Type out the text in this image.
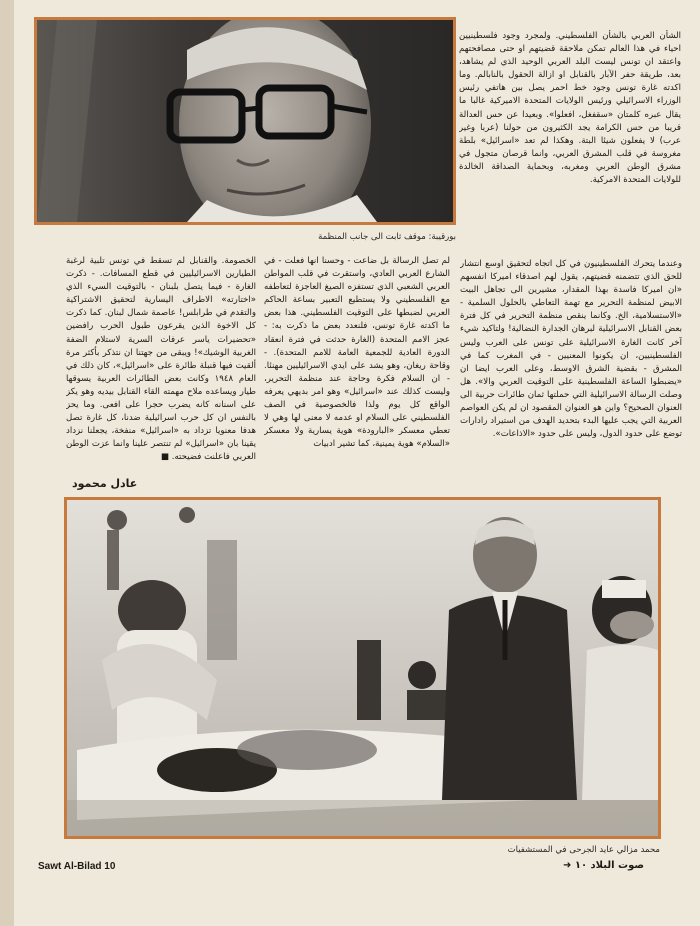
بورقيبة: موقف ثابت الى جانب المنظمة

الشأن العربي بالشأن الفلسطيني. ولمجرد وجود فلسطينيين احياء في هذا العالم تمكن ملاحقة قضيتهم او حتى مصافحتهم واعتقد ان تونس ليست البلد العربي الوحيد الذي لم يشاهد، بعد، طريقة حفر الآبار بالقنابل او ازالة الحقول بالنابالم. وما اكدته غارة تونس وجود خط احمر يصل بين هاتفي رئيس الوزراء الاسرائيلي ورئيس الولايات المتحدة الاميركية غالبا ما يقال عبره كلمتان «سقفغل، افعلوا». وبعيدا عن حس العدالة قريبا من حس الكرامة يجد الكثيرون من حولنا (عربا وغير عرب) لا يفعلون شيئا البتة. وهكذا لم تعد «اسرائيل» بلطة مغروسة في قلب المشرق العربي، وانما قرصان متجول في مشرق الوطن العربي ومغربه، وبحماية الصداقة الخالدة للولايات المتحدة الامركية.

وعندما يتحرك الفلسطينيون في كل اتجاه لتحقيق اوسع انتشار للحق الذي تتضمنه قضيتهم، يقول لهم اصدقاء اميركا انفسهم «ان اميركا فاسدة بهذا المقدار، مشيرين الى تجاهل البيت الابيض لمنظمة التحرير مع تهمة التعاطي بالحلول السلمية - «الاستسلامية، الخ. وكانما ينقص منظمة التحرير في كل فترة بعض القنابل الاسرائيلية لبرهان الجدارة النضالية! ولتاكيد شيء آخر كانت الغارة الاسرائيلية على تونس على العرب وليس الفلسطينيين، ان يكونوا المعنيين - في المغرب كما في المشرق - بقضية الشرق الاوسط، وعلى العرب ايضا ان «يضبطوا الساعة الفلسطينية على التوقيت العربي والا». هل وصلت الرسالة الاسرائيلية التي حملتها ثمان طائرات حربية الى العنوان الصحيح؟ واين هو العنوان المقصود ان لم يكن العواصم العربية التي يجب عليها البدء بتحديد الهدف من استيراد رادارات توضع على حدود الدول، وليس على حدود «الاذاعات».

لم تصل الرسالة بل ضاعت - وحسنا انها فعلت - في الشارع العربي العادي، واستقرت في قلب المواطن العربي الشعبي الذي تستفزه الصيغ العاجزة لتعاطفه مع الفلسطيني ولا يستطيع التعبير بساعة الحاكم العربي لضبطها على التوقيت الفلسطيني. هذا بعض ما اكدته غارة تونس، فلنعدد بعض ما ذكرت به: - عجز الامم المتحدة (الغارة حدثت في فترة انعقاد الدورة العادية للجمعية العامة للامم المتحدة). - وقاحة ريغان، وهو يشد على ايدي الاسرائيليين مهنئا. - ان السلام فكرة وحاجة عند منظمة التحرير، وليست كذلك عند «اسرائيل» وهو امر بديهي يعرفه الواقع كل يوم ولذا فالخصوصية في الصف الفلسطيني على السلام او عدمه لا معنى لها وهي لا تعطي معسكر «البارودة» هوية يسارية ولا معسكر «السلام» هوية يمينية، كما تشير ادبيات

الخصومة. والقنابل لم تسقط في تونس تلبية لرغبة الطيارين الاسرائيليين في قطع المسافات. - ذكرت الغارة - فيما يتصل بلبنان - بالتوقيت السيء الذي «اختارته» الاطراف اليسارية لتحقيق الاشتراكية والتقدم في طرابلس! عاصمة شمال لبنان. كما ذكرت كل الاخوة الذين يقرعون طبول الحرب رافضين «تحضيرات ياسر عرفات السرية لاستلام الضفة الغربية الوشيك»! ويبقى من جهتنا ان نتذكر بأكثر مرة ألقيت فيها قنبلة طائرة على «اسرائيل»، كان ذلك في العام ١٩٤٨ وكانت بعض الطائرات العربية يسوقها طيار ويساعده ملاح مهمته القاء القنابل بيديه وهو يكز على اسنانه كانه يضرب حجرا على افعى. وما يحز بالنفس ان كل حرب اسرائيلية ضدنا، كل غارة تصل هدفا معنويا تزداد به «اسرائيل» منفخة، يجعلنا نزداد يقينا بان «اسرائيل» لم تنتصر علينا وانما عزت الوطن العربي فاعلنت فضيحته. ■

عادل محمود
محمد مزالي عايد الجرحى في المستشفيات
Sawt Al-Bilad 10	صوت البلاد ١٠ ➜
